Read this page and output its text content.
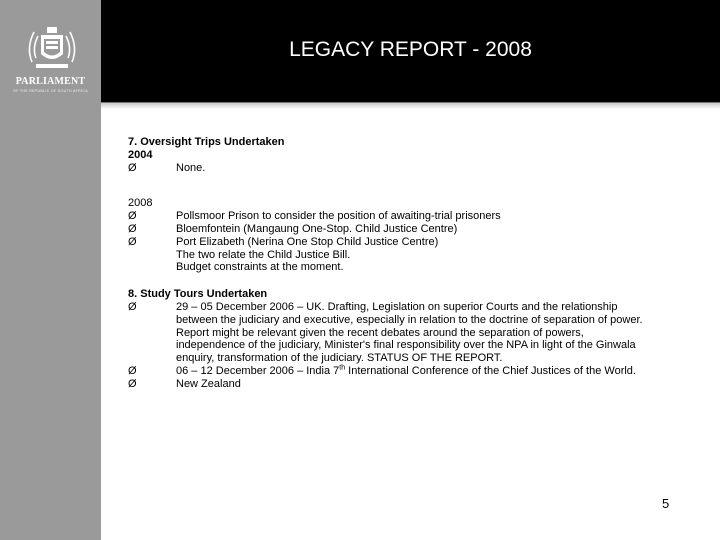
PARLIAMENT
OF THE REPUBLIC OF SOUTH AFRICA
LEGACY REPORT - 2008
7. Oversight Trips Undertaken
2004
Ø	None.
2008
Ø	Pollsmoor Prison to consider the position of awaiting-trial prisoners
Ø	Bloemfontein (Mangaung One-Stop. Child Justice Centre)
Ø	Port Elizabeth (Nerina One Stop Child Justice Centre)
The two relate the Child Justice Bill.
Budget constraints at the moment.
8. Study Tours Undertaken
Ø	29 – 05 December 2006 – UK. Drafting, Legislation on superior Courts and the relationship
between the judiciary and executive, especially in relation to the doctrine of separation of power.
Report might be relevant given the recent debates around the separation of powers,
independence of the judiciary, Minister's final responsibility over the NPA in light of the Ginwala
enquiry, transformation of the judiciary. STATUS OF THE REPORT.
Ø	06 – 12 December 2006 – India 7th International Conference of the Chief Justices of the World.
Ø	New Zealand
5
